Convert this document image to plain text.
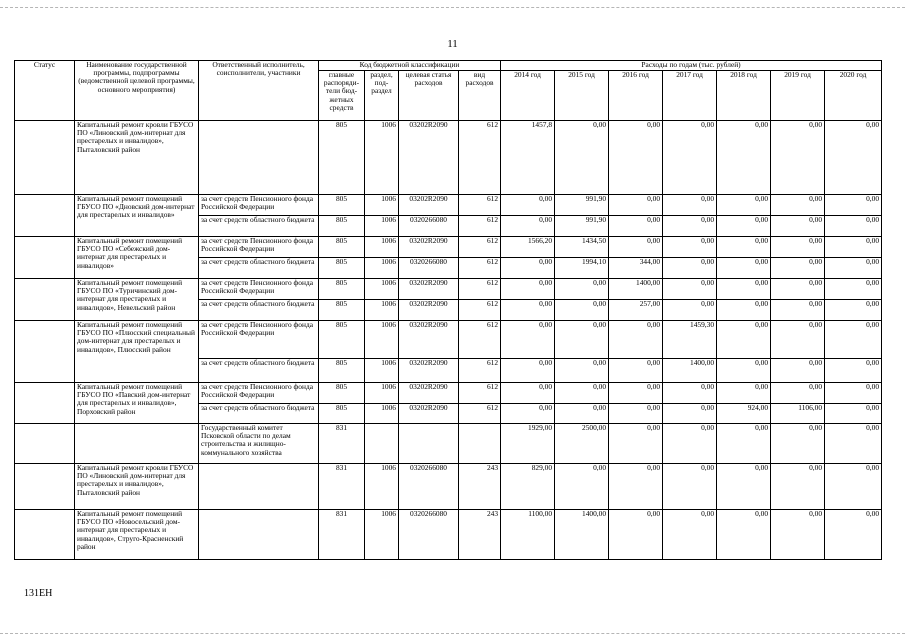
11
Статус	Наименование государственной программы, подпрограммы (ведомственной целевой программы, основного мероприятия)	Ответственный исполнитель, соисполнители, участники	Код бюджетной классификации				Расходы по годам (тыс. рублей)						
			главные распоряди-тели бюд-жетных средств	раздел, под-раздел	целевая статья расходов	вид расходов	2014 год	2015 год	2016 год	2017 год	2018 год	2019 год	2020 год
	Капитальный ремонт кровли ГБУСО ПО «Линовский дом-интернат для престарелых и инвалидов», Пыталовский район		805	1006	03202R2090	612	1457,8	0,00	0,00	0,00	0,00	0,00	0,00
	Капитальный ремонт помещений ГБУСО ПО «Дновский дом-интернат для престарелых и инвалидов»	за счет средств Пенсионного фонда Российской Федерации	805	1006	03202R2090	612	0,00	991,90	0,00	0,00	0,00	0,00	0,00
		за счет средств областного бюджета	805	1006	0320266080	612	0,00	991,90	0,00	0,00	0,00	0,00	0,00
	Капитальный ремонт помещений ГБУСО ПО «Себежский дом-интернат для престарелых и инвалидов»	за счет средств Пенсионного фонда Российской Федерации	805	1006	03202R2090	612	1566,20	1434,50	0,00	0,00	0,00	0,00	0,00
		за счет средств областного бюджета	805	1006	0320266080	612	0,00	1994,10	344,00	0,00	0,00	0,00	0,00
	Капитальный ремонт помещений ГБУСО ПО «Туричинский дом-интернат для престарелых и инвалидов», Невельский район	за счет средств Пенсионного фонда Российской Федерации	805	1006	03202R2090	612	0,00	0,00	1400,00	0,00	0,00	0,00	0,00
		за счет средств областного бюджета	805	1006	03202R2090	612	0,00	0,00	257,00	0,00	0,00	0,00	0,00
	Капитальный ремонт помещений ГБУСО ПО «Плюсский специальный дом-интернат для престарелых и инвалидов», Плюсский район	за счет средств Пенсионного фонда Российской Федерации	805	1006	03202R2090	612	0,00	0,00	0,00	1459,30	0,00	0,00	0,00
		за счет средств областного бюджета	805	1006	03202R2090	612	0,00	0,00	0,00	1400,00	0,00	0,00	0,00
	Капитальный ремонт помещений ГБУСО ПО «Павский дом-интернат для престарелых и инвалидов», Порховский район	за счет средств Пенсионного фонда Российской Федерации	805	1006	03202R2090	612	0,00	0,00	0,00	0,00	0,00	0,00	0,00
		за счет средств областного бюджета	805	1006	03202R2090	612	0,00	0,00	0,00	0,00	924,00	1106,00	0,00
		Государственный комитет Псковской области по делам строительства и жилищно-коммунального хозяйства	831				1929,00	2500,00	0,00	0,00	0,00	0,00	0,00
	Капитальный ремонт кровли ГБУСО ПО «Линовский дом-интернат для престарелых и инвалидов», Пыталовский район		831	1006	0320266080	243	829,00	0,00	0,00	0,00	0,00	0,00	0,00
	Капитальный ремонт помещений ГБУСО ПО «Новосельский дом-интернат для престарелых и инвалидов», Струго-Красненский район		831	1006	0320266080	243	1100,00	1400,00	0,00	0,00	0,00	0,00	0,00
131EH
